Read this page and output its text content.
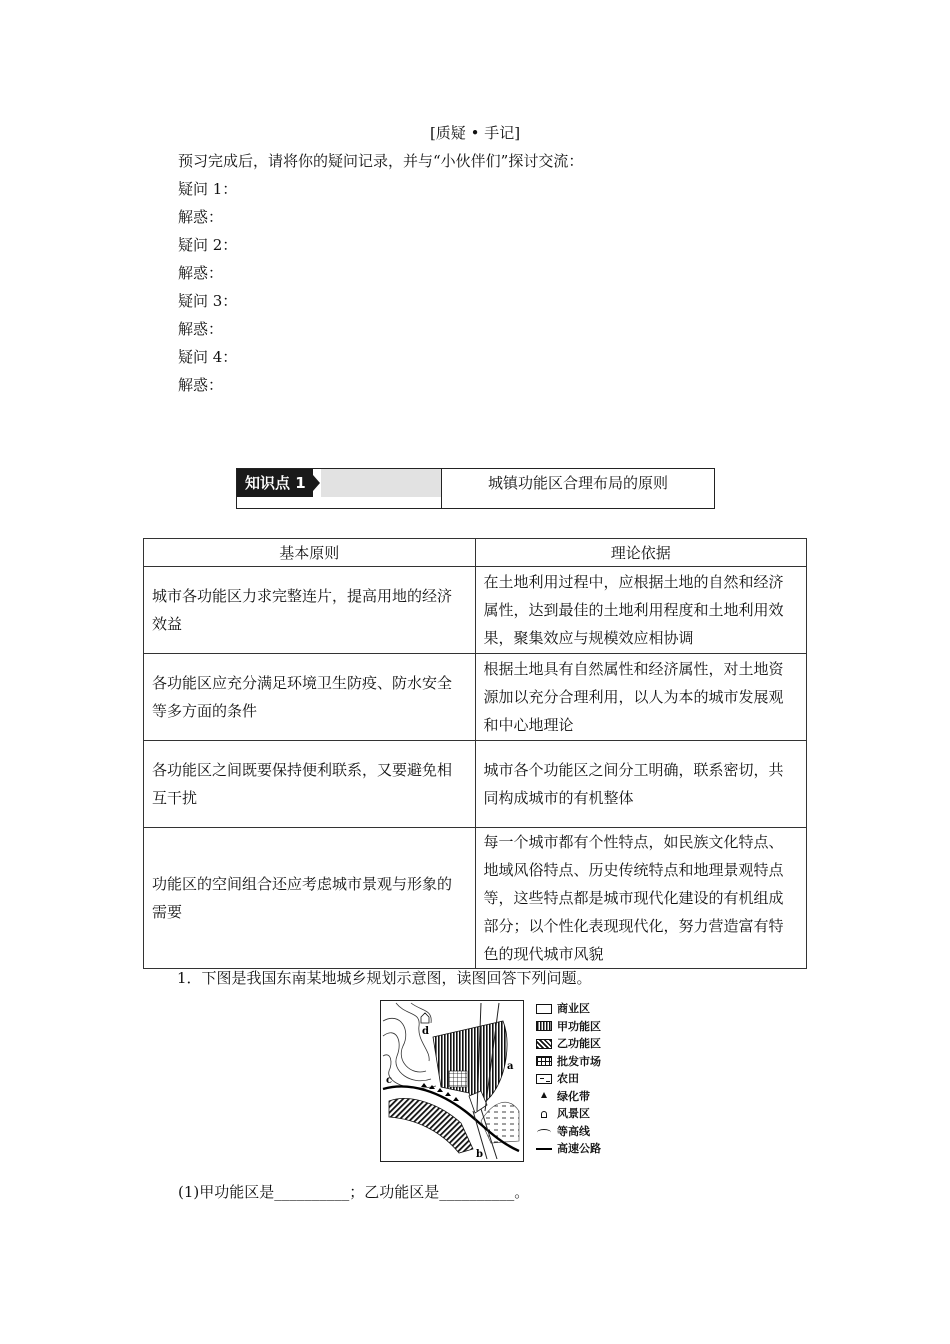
[质疑 • 手记]
预习完成后，请将你的疑问记录，并与“小伙伴们”探讨交流：
疑问 1：
解惑：
疑问 2：
解惑：
疑问 3：
解惑：
疑问 4：
解惑：
知识点 1	城镇功能区合理布局的原则
基本原则	理论依据
城市各功能区力求完整连片，提高用地的经济效益	在土地利用过程中，应根据土地的自然和经济属性，达到最佳的土地利用程度和土地利用效果，聚集效应与规模效应相协调
各功能区应充分满足环境卫生防疫、防水安全等多方面的条件	根据土地具有自然属性和经济属性，对土地资源加以充分合理利用，以人为本的城市发展观和中心地理论
各功能区之间既要保持便利联系，又要避免相互干扰	城市各个功能区之间分工明确，联系密切，共同构成城市的有机整体
功能区的空间组合还应考虑城市景观与形象的需要	每一个城市都有个性特点，如民族文化特点、地域风俗特点、历史传统特点和地理景观特点等，这些特点都是城市现代化建设的有机组成部分；以个性化表现现代化，努力营造富有特色的现代城市风貌
1．下图是我国东南某地城乡规划示意图，读图回答下列问题。
d
a
c
b
商业区
甲功能区
乙功能区
批发市场
农田
绿化带
风景区
等高线
高速公路
(1)甲功能区是__________；乙功能区是__________。
